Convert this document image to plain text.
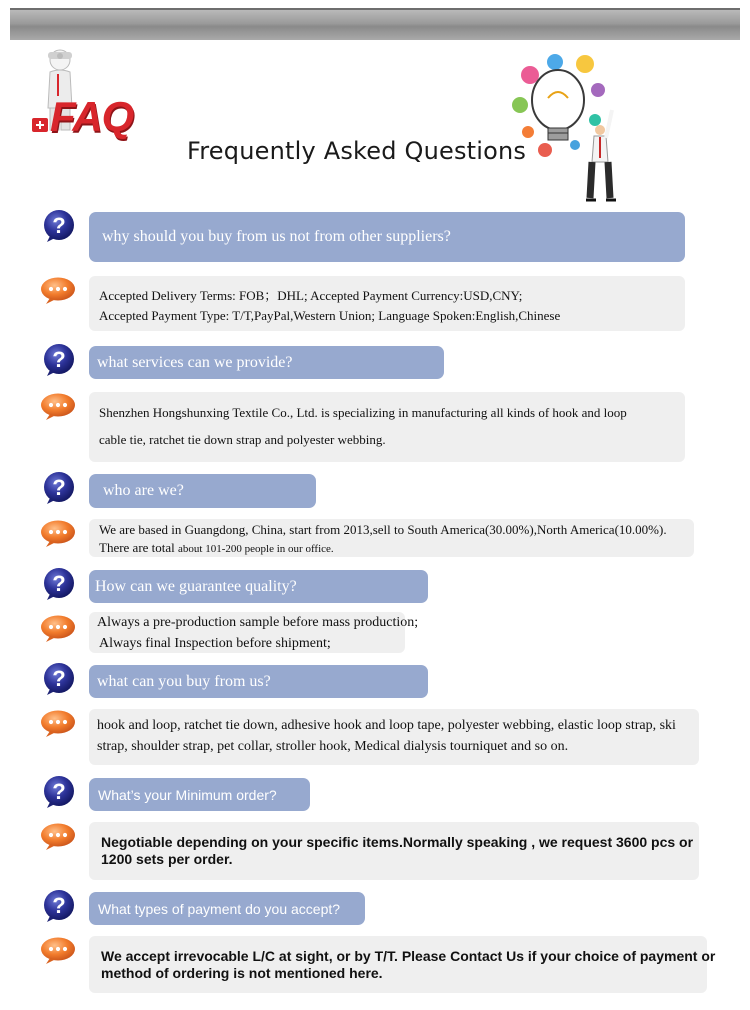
FAQ
Frequently Asked Questions
why should you buy from us not from other suppliers?
Accepted Delivery Terms: FOB；DHL; Accepted Payment Currency:USD,CNY;
Accepted Payment Type: T/T,PayPal,Western Union; Language Spoken:English,Chinese
what services can we provide?
Shenzhen Hongshunxing Textile Co., Ltd. is specializing in manufacturing all kinds of hook and loop
cable tie, ratchet tie down strap and polyester webbing.
who are we?
We are based in Guangdong, China, start from 2013,sell to South America(30.00%),North America(10.00%).
There are total about 101-200 people in our office.
How can we guarantee quality?
Always a pre-production sample before mass production;
Always final Inspection before shipment;
what can you buy from us?
hook and loop, ratchet tie down, adhesive hook and loop tape, polyester webbing, elastic loop strap, ski
strap, shoulder strap, pet collar, stroller hook, Medical dialysis tourniquet and so on.
What’s your Minimum order?
Negotiable depending on your specific items.Normally speaking , we request 3600 pcs or
1200 sets per order.
What types of payment do you accept?
We accept irrevocable L/C at sight, or by T/T. Please Contact Us if your choice of payment or
method of ordering is not mentioned here.
